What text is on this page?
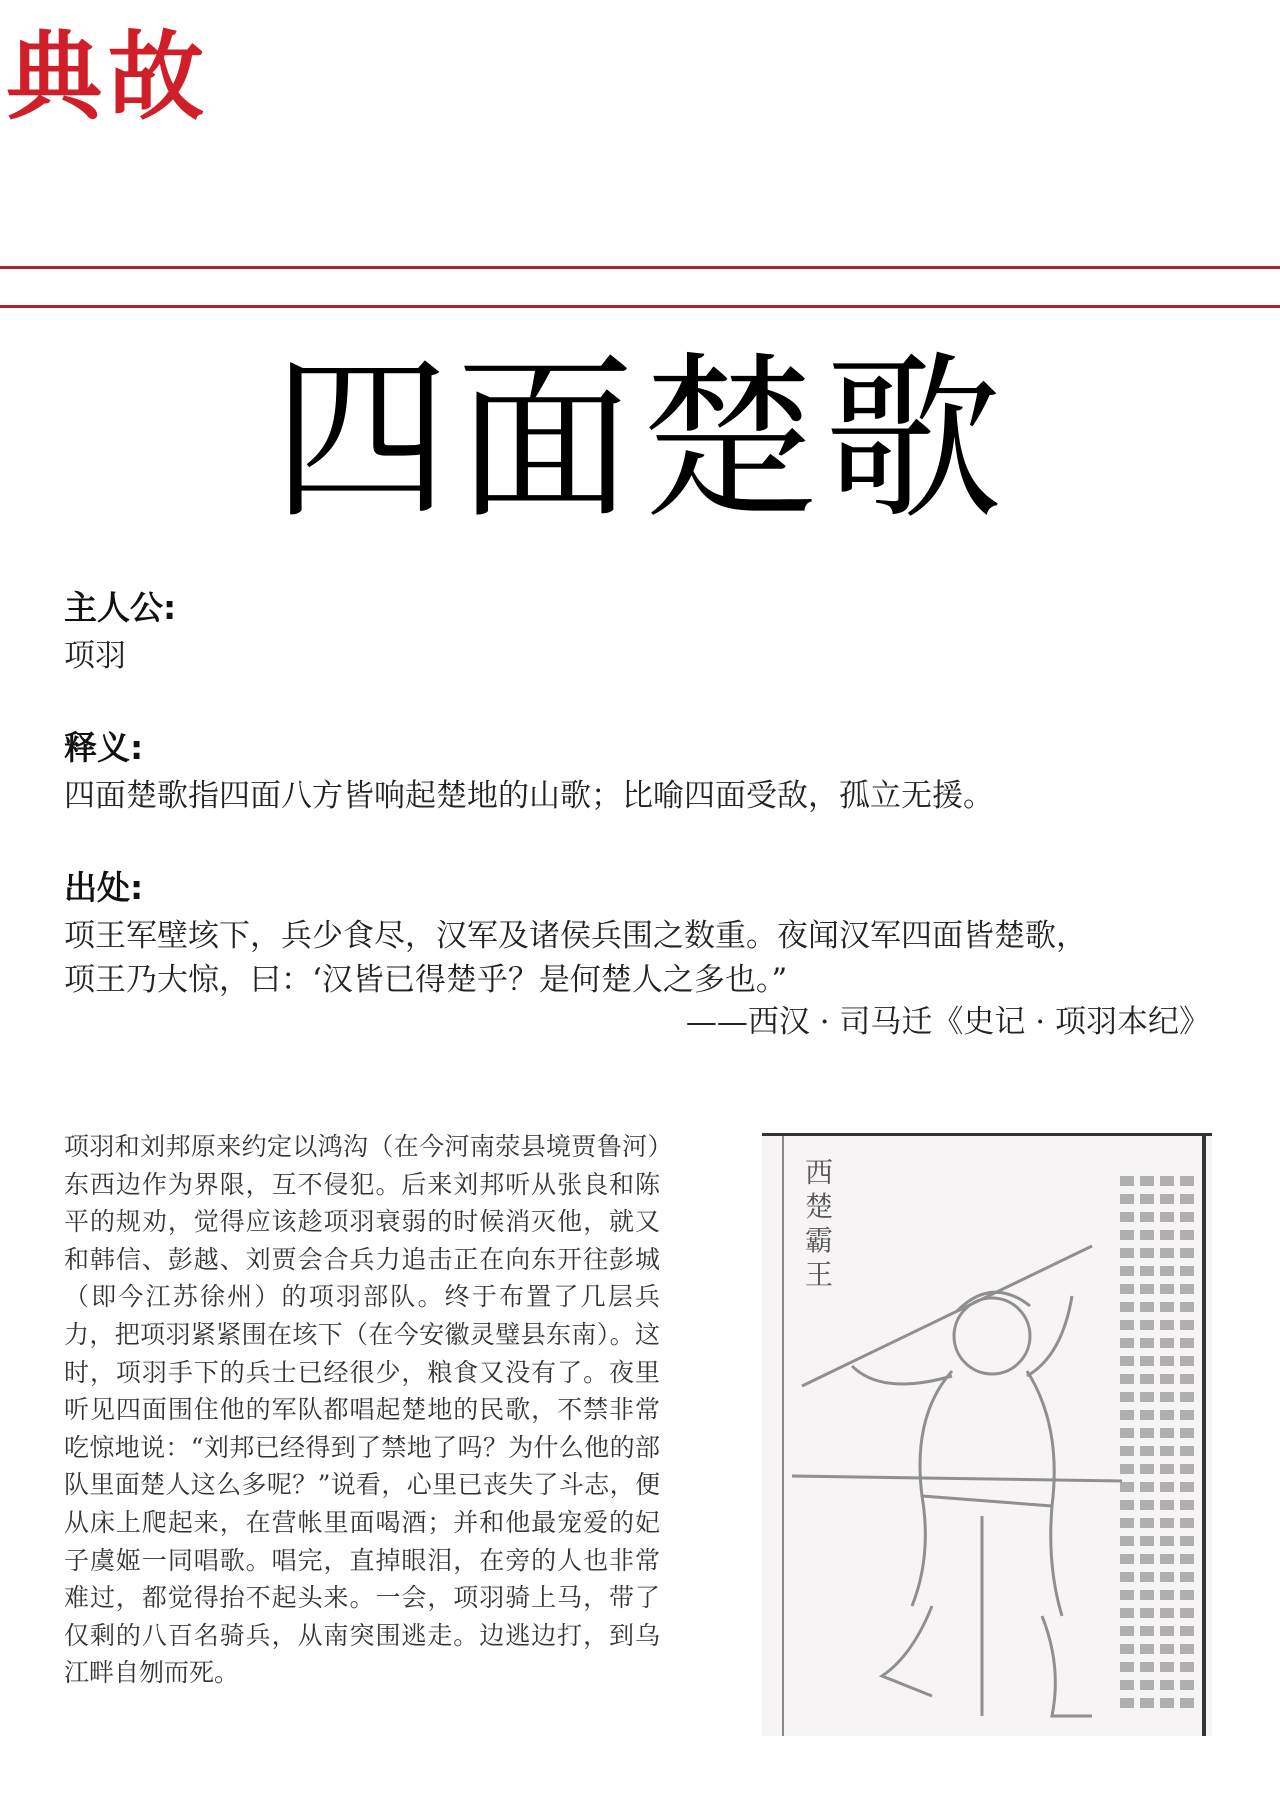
典故
四面楚歌
主人公:
项羽
释义:
四面楚歌指四面八方皆响起楚地的山歌；比喻四面受敌，孤立无援。
出处:
项王军壁垓下，兵少食尽，汉军及诸侯兵围之数重。夜闻汉军四面皆楚歌，
项王乃大惊，曰：‘汉皆已得楚乎？是何楚人之多也。”
——西汉 · 司马迁《史记 · 项羽本纪》
项羽和刘邦原来约定以鸿沟（在今河南荥县境贾鲁河）东西边作为界限，互不侵犯。后来刘邦听从张良和陈平的规劝，觉得应该趁项羽衰弱的时候消灭他，就又和韩信、彭越、刘贾会合兵力追击正在向东开往彭城（即今江苏徐州）的项羽部队。终于布置了几层兵力，把项羽紧紧围在垓下（在今安徽灵璧县东南）。这时，项羽手下的兵士已经很少，粮食又没有了。夜里听见四面围住他的军队都唱起楚地的民歌，不禁非常吃惊地说：“刘邦已经得到了禁地了吗？为什么他的部队里面楚人这么多呢？”说看，心里已丧失了斗志，便从床上爬起来，在营帐里面喝酒；并和他最宠爱的妃子虞姬一同唱歌。唱完，直掉眼泪，在旁的人也非常难过，都觉得抬不起头来。一会，项羽骑上马，带了仅剩的八百名骑兵，从南突围逃走。边逃边打，到乌江畔自刎而死。
西楚霸王
